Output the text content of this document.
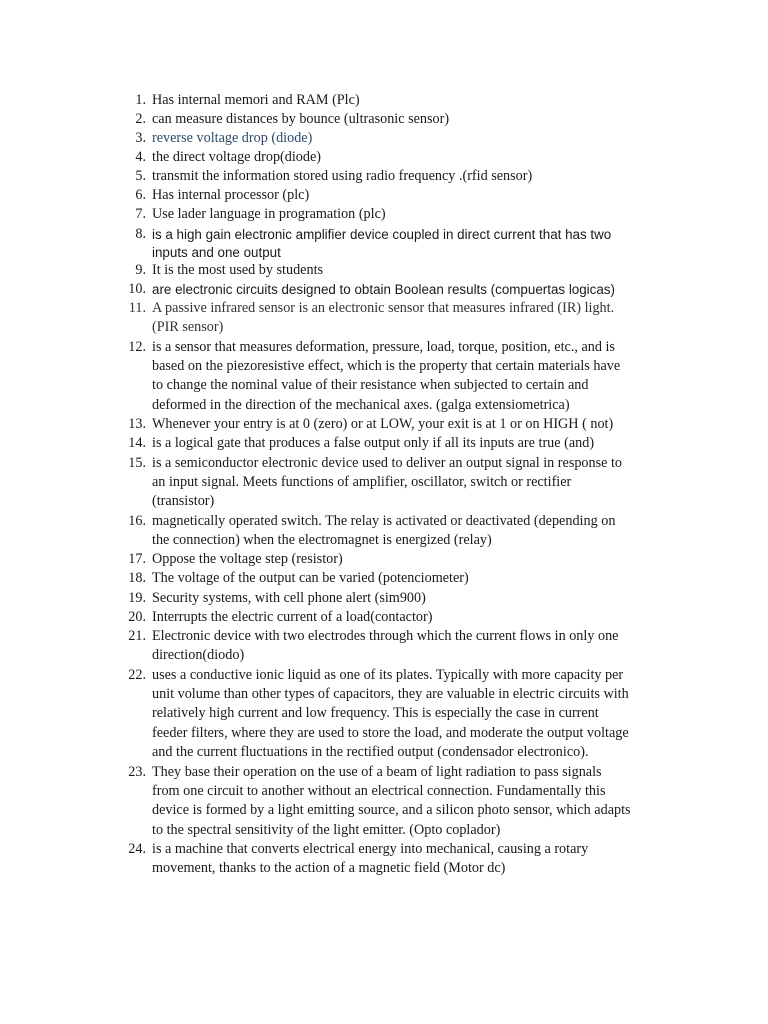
1. Has internal memori and RAM (Plc)
2. can measure distances by bounce (ultrasonic sensor)
3. reverse voltage drop (diode)
4. the direct voltage drop(diode)
5. transmit the information stored using radio frequency .(rfid sensor)
6. Has internal processor (plc)
7. Use lader language in programation (plc)
8. is a high gain electronic amplifier device coupled in direct current that has two
inputs and one output
9. It is the most used by students
10. are electronic circuits designed to obtain Boolean results (compuertas logicas)
11. A passive infrared sensor is an electronic sensor that measures infrared (IR) light.
(PIR sensor)
12. is a sensor that measures deformation, pressure, load, torque, position, etc., and is
based on the piezoresistive effect, which is the property that certain materials have
to change the nominal value of their resistance when subjected to certain and
deformed in the direction of the mechanical axes. (galga extensiometrica)
13. Whenever your entry is at 0 (zero) or at LOW, your exit is at 1 or on HIGH ( not)
14. is a logical gate that produces a false output only if all its inputs are true (and)
15. is a semiconductor electronic device used to deliver an output signal in response to
an input signal. Meets functions of amplifier, oscillator, switch or rectifier
(transistor)
16. magnetically operated switch. The relay is activated or deactivated (depending on
the connection) when the electromagnet is energized (relay)
17. Oppose the voltage step (resistor)
18. The voltage of the output can be varied (potenciometer)
19. Security systems, with cell phone alert (sim900)
20. Interrupts the electric current of a load(contactor)
21. Electronic device with two electrodes through which the current flows in only one
direction(diodo)
22. uses a conductive ionic liquid as one of its plates. Typically with more capacity per
unit volume than other types of capacitors, they are valuable in electric circuits with
relatively high current and low frequency. This is especially the case in current
feeder filters, where they are used to store the load, and moderate the output voltage
and the current fluctuations in the rectified output (condensador electronico).
23. They base their operation on the use of a beam of light radiation to pass signals
from one circuit to another without an electrical connection. Fundamentally this
device is formed by a light emitting source, and a silicon photo sensor, which adapts
to the spectral sensitivity of the light emitter. (Opto coplador)
24. is a machine that converts electrical energy into mechanical, causing a rotary
movement, thanks to the action of a magnetic field (Motor dc)
